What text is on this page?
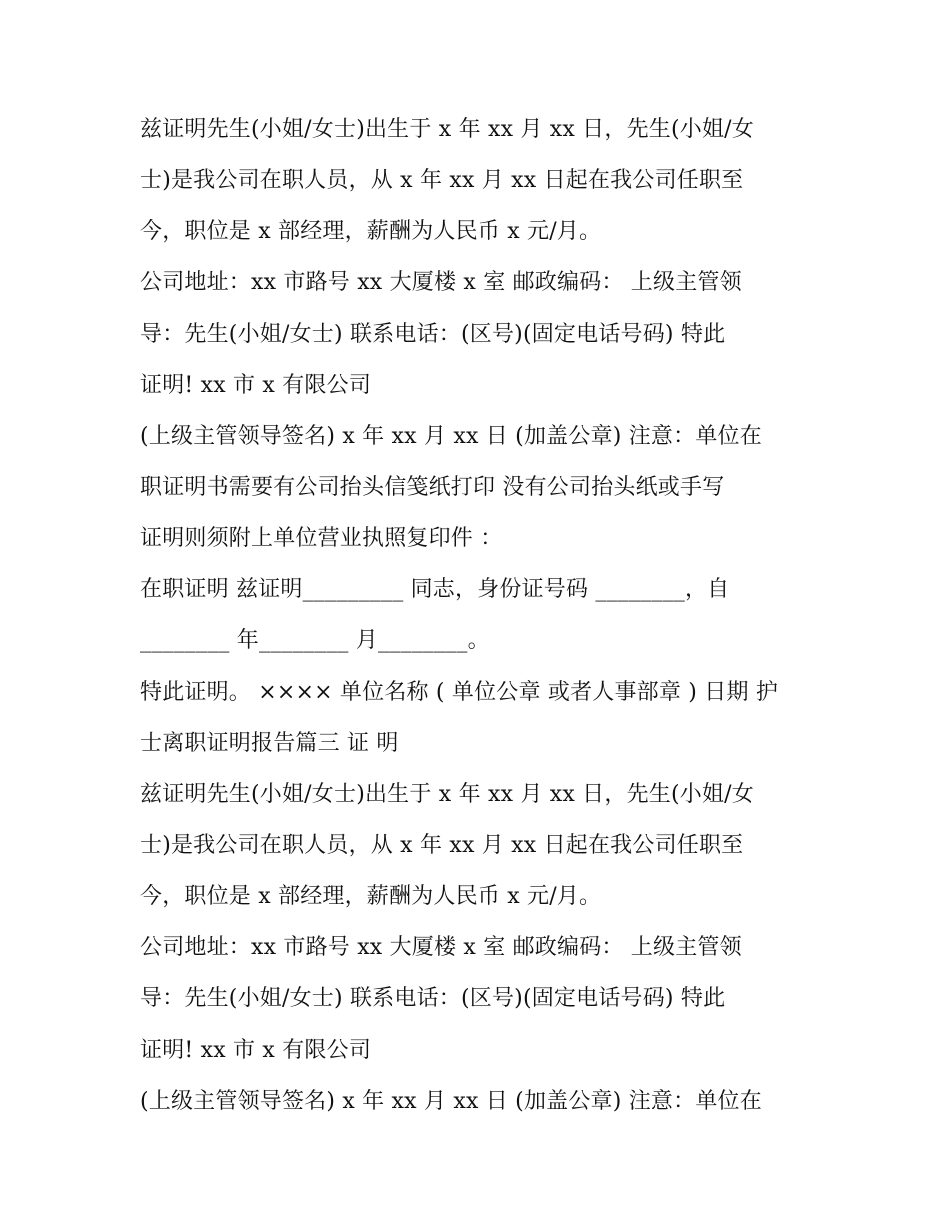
兹证明先生(小姐/女士)出生于 x 年 xx 月 xx 日，先生(小姐/女
士)是我公司在职人员，从 x 年 xx 月 xx 日起在我公司任职至
今，职位是 x 部经理，薪酬为人民币 x 元/月。
公司地址：xx 市路号 xx 大厦楼 x 室 邮政编码： 上级主管领
导：先生(小姐/女士) 联系电话：(区号)(固定电话号码) 特此
证明! xx 市 x 有限公司
(上级主管领导签名) x 年 xx 月 xx 日 (加盖公章) 注意：单位在
职证明书需要有公司抬头信笺纸打印 没有公司抬头纸或手写
证明则须附上单位营业执照复印件 ：
在职证明 兹证明_________ 同志，身份证号码 ________，自
________ 年________ 月________。
特此证明。 ×××× 单位名称 ( 单位公章 或者人事部章 ) 日期 护
士离职证明报告篇三 证 明
兹证明先生(小姐/女士)出生于 x 年 xx 月 xx 日，先生(小姐/女
士)是我公司在职人员，从 x 年 xx 月 xx 日起在我公司任职至
今，职位是 x 部经理，薪酬为人民币 x 元/月。
公司地址：xx 市路号 xx 大厦楼 x 室 邮政编码： 上级主管领
导：先生(小姐/女士) 联系电话：(区号)(固定电话号码) 特此
证明! xx 市 x 有限公司
(上级主管领导签名) x 年 xx 月 xx 日 (加盖公章) 注意：单位在
